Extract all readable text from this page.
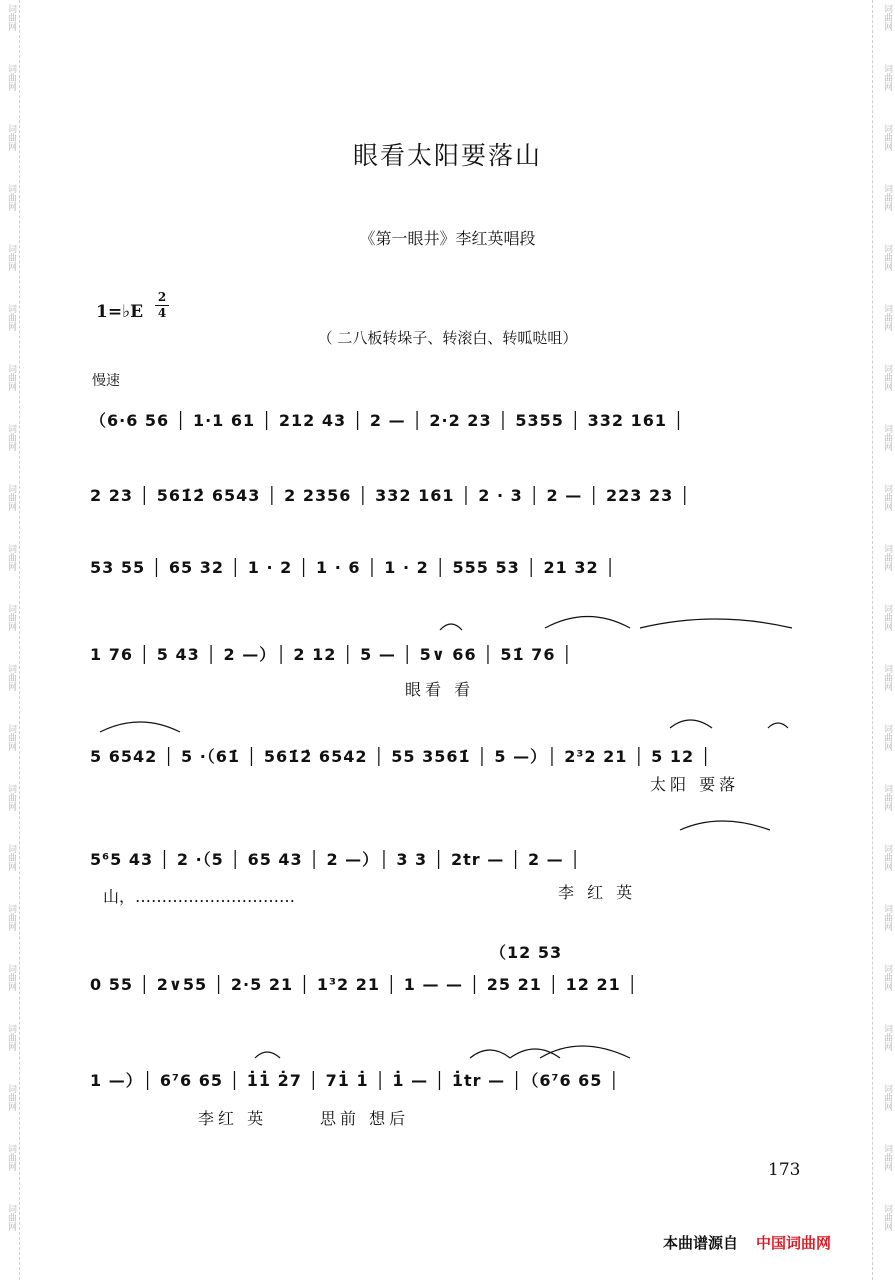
词曲网
词曲网
词曲网
词曲网
词曲网
词曲网
词曲网
词曲网
词曲网
词曲网
词曲网
词曲网
词曲网
词曲网
词曲网
词曲网
词曲网
词曲网
词曲网
词曲网
词曲网
词曲网
词曲网
词曲网
词曲网
词曲网
词曲网
词曲网
词曲网
词曲网
词曲网
词曲网
词曲网
词曲网
词曲网
词曲网
词曲网
词曲网
词曲网
词曲网
词曲网
词曲网
眼看太阳要落山
《第一眼井》李红英唱段
1=♭E
2
4
（ 二八板转垛子、转滚白、转呱哒咀）
慢速
（6·6 56 │ 1·1 61 │ 212 43 │ 2 — │ 2·2 23 │ 5355 │ 332 161 │
2 23 │ 561̇2̇ 6543 │ 2 2356 │ 332 161 │ 2 · 3 │ 2 — │ 223 23 │
53 55 │ 65 32 │ 1 · 2 │ 1 · 6 │ 1 · 2 │ 555 53 │ 21 32 │
1 76 │ 5 43 │ 2 —）│ 2 12 │ 5 — │ 5∨ 66 │ 51̇ 76 │
眼看 看
5 6542 │ 5 ·（61̇ │ 561̇2̇ 6542 │ 55 3561̇ │ 5 —）│ 2³2 21 │ 5 12 │
太阳 要落
5⁶5 43 │ 2 ·（5 │ 65 43 │ 2 —）│ 3 3 │ 2tr — │ 2 — │
山，…………………………	李 红 英
（12 53
0 55 │ 2∨55 │ 2·5 21 │ 1³2 21 │ 1 — — │ 25 21 │ 12 21 │
1 —）│ 6⁷6 65 │ 1̇1̇ 2̇7 │ 71̇ 1̇ │ 1̇ — │ 1̇tr — │（6⁷6 65 │
李红 英	思前 想后
173
本曲谱源自 中国词曲网
